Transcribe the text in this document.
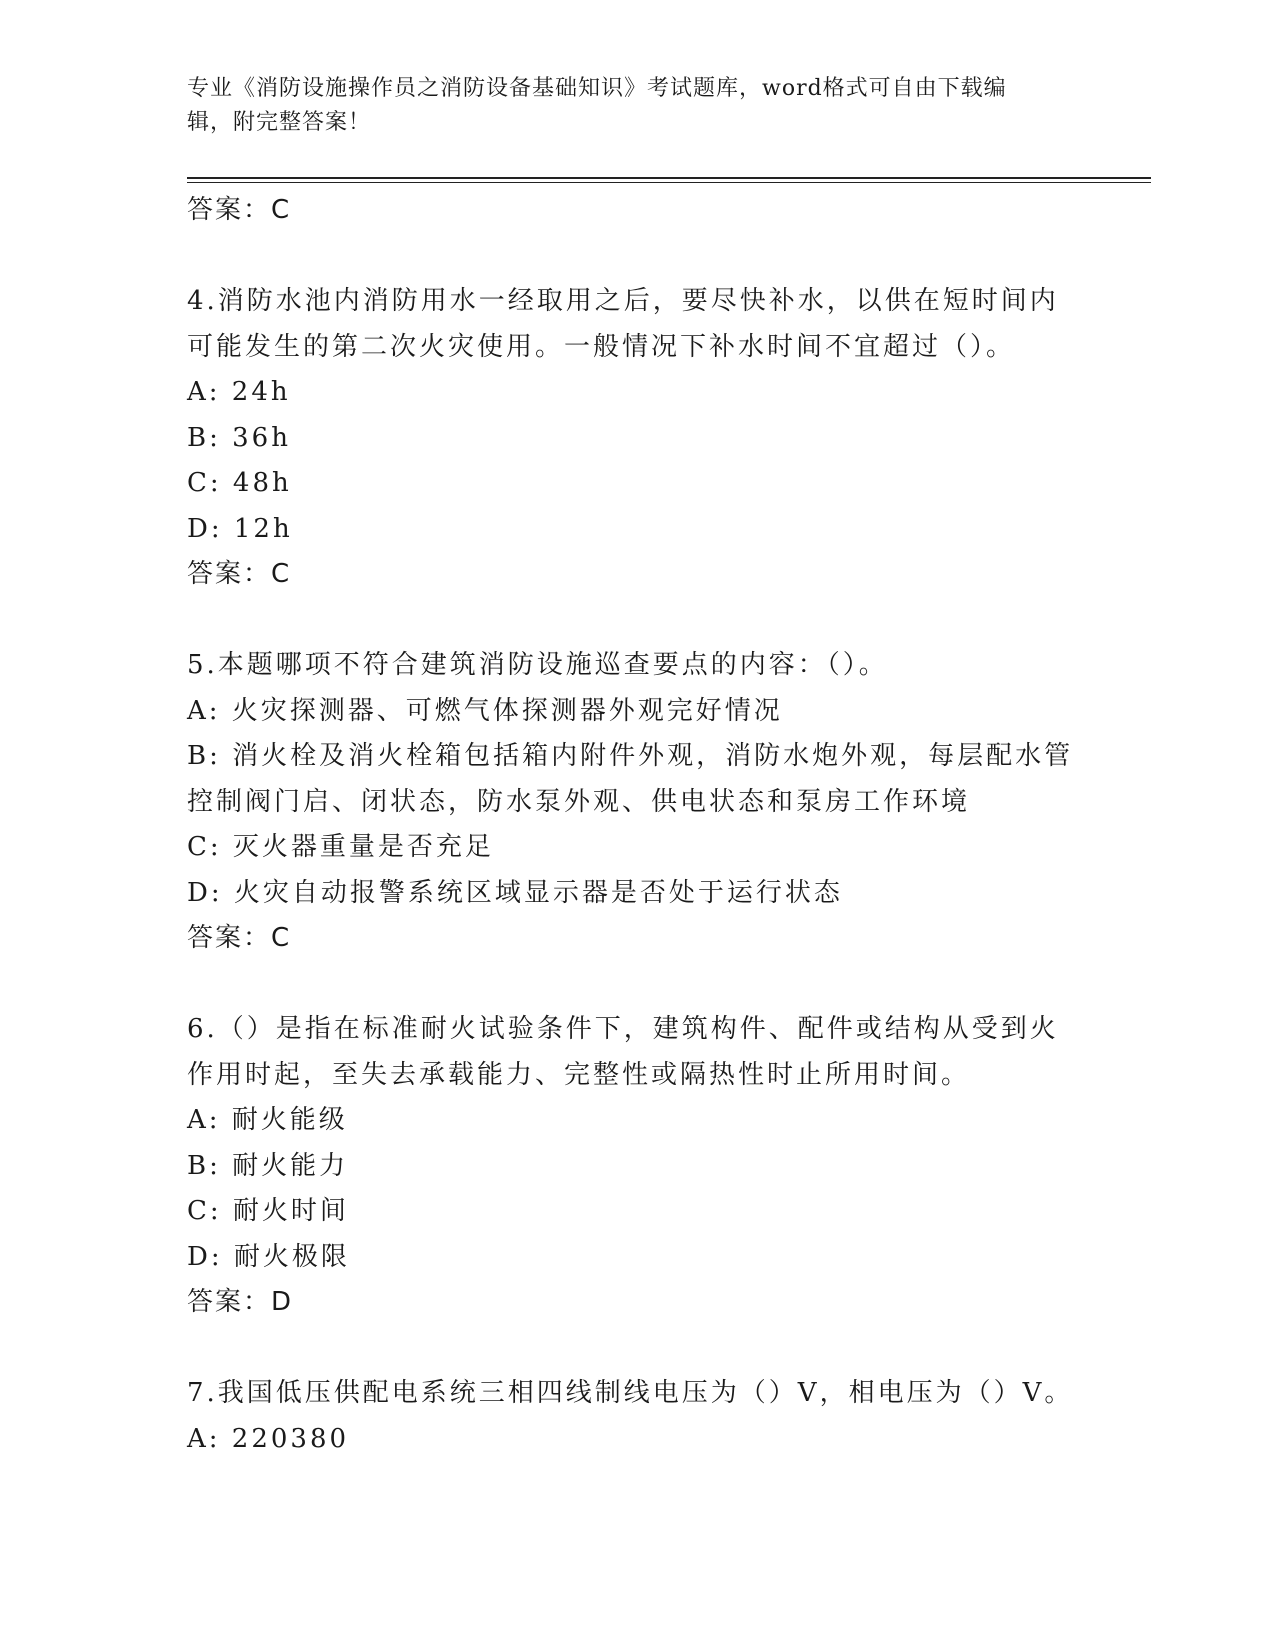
专业《消防设施操作员之消防设备基础知识》考试题库，word格式可自由下载编
辑，附完整答案！

答案：C

4.消防水池内消防用水一经取用之后，要尽快补水，以供在短时间内

可能发生的第二次火灾使用。一般情况下补水时间不宜超过（）。

A: 24h

B: 36h

C: 48h

D: 12h

答案：C

5.本题哪项不符合建筑消防设施巡查要点的内容：（）。

A: 火灾探测器、可燃气体探测器外观完好情况

B: 消火栓及消火栓箱包括箱内附件外观，消防水炮外观，每层配水管

控制阀门启、闭状态，防水泵外观、供电状态和泵房工作环境

C: 灭火器重量是否充足

D: 火灾自动报警系统区域显示器是否处于运行状态

答案：C

6.（）是指在标准耐火试验条件下，建筑构件、配件或结构从受到火

作用时起，至失去承载能力、完整性或隔热性时止所用时间。

A: 耐火能级

B: 耐火能力

C: 耐火时间

D: 耐火极限

答案：D

7.我国低压供配电系统三相四线制线电压为（）V，相电压为（）V。

A: 220380
